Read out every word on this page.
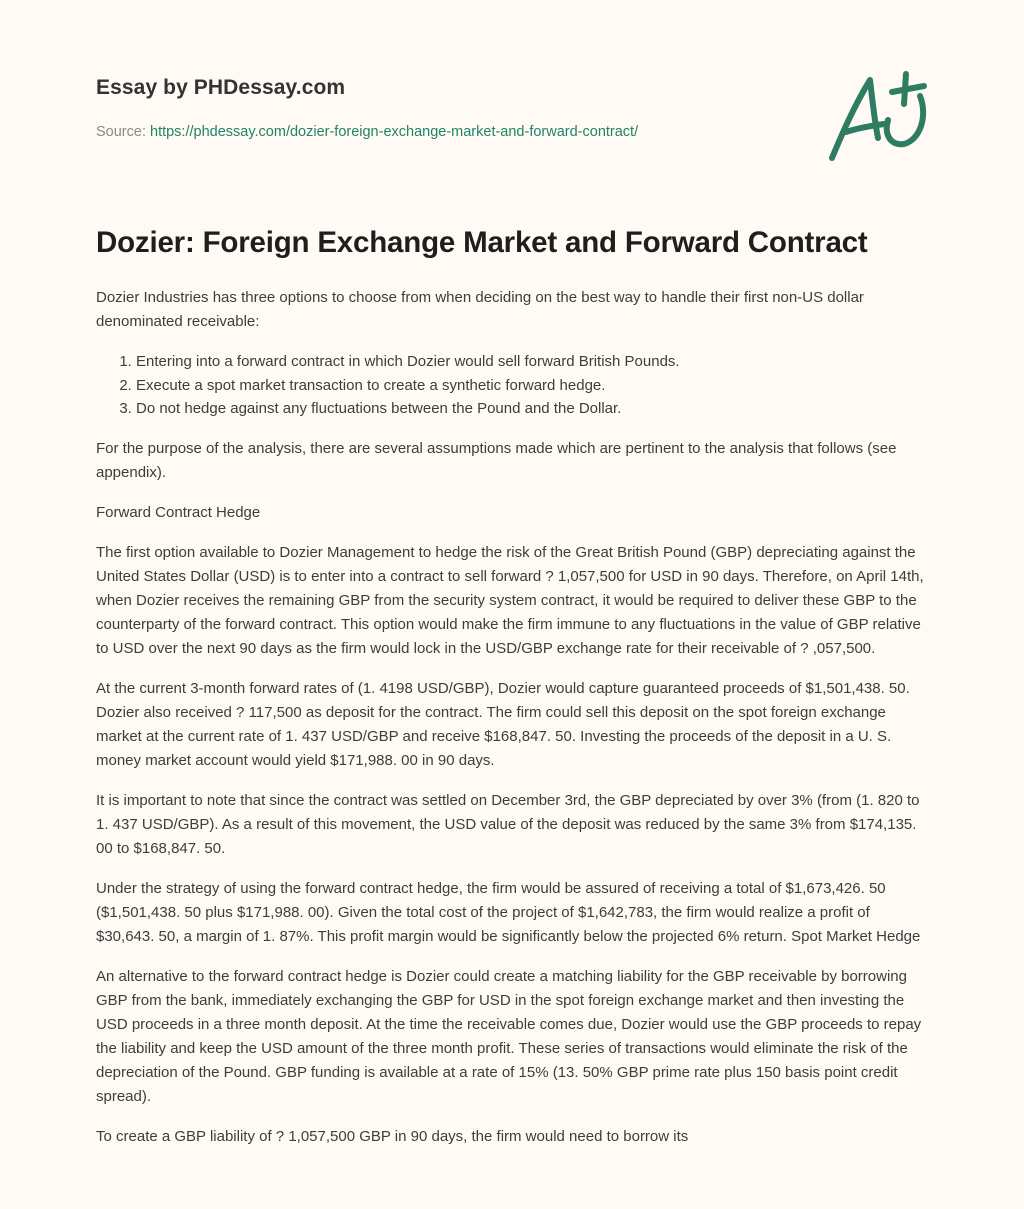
Essay by PHDessay.com
Source: https://phdessay.com/dozier-foreign-exchange-market-and-forward-contract/
Dozier: Foreign Exchange Market and Forward Contract

Dozier Industries has three options to choose from when deciding on the best way to handle their first non-US dollar denominated receivable:

1. Entering into a forward contract in which Dozier would sell forward British Pounds.
2. Execute a spot market transaction to create a synthetic forward hedge.
3. Do not hedge against any fluctuations between the Pound and the Dollar.

For the purpose of the analysis, there are several assumptions made which are pertinent to the analysis that follows (see appendix).

Forward Contract Hedge

The first option available to Dozier Management to hedge the risk of the Great British Pound (GBP) depreciating against the United States Dollar (USD) is to enter into a contract to sell forward ? 1,057,500 for USD in 90 days. Therefore, on April 14th, when Dozier receives the remaining GBP from the security system contract, it would be required to deliver these GBP to the counterparty of the forward contract. This option would make the firm immune to any fluctuations in the value of GBP relative to USD over the next 90 days as the firm would lock in the USD/GBP exchange rate for their receivable of ? ,057,500.

At the current 3-month forward rates of (1. 4198 USD/GBP), Dozier would capture guaranteed proceeds of $1,501,438. 50. Dozier also received ? 117,500 as deposit for the contract. The firm could sell this deposit on the spot foreign exchange market at the current rate of 1. 437 USD/GBP and receive $168,847. 50. Investing the proceeds of the deposit in a U. S. money market account would yield $171,988. 00 in 90 days.

It is important to note that since the contract was settled on December 3rd, the GBP depreciated by over 3% (from (1. 820 to 1. 437 USD/GBP). As a result of this movement, the USD value of the deposit was reduced by the same 3% from $174,135. 00 to $168,847. 50.

Under the strategy of using the forward contract hedge, the firm would be assured of receiving a total of $1,673,426. 50 ($1,501,438. 50 plus $171,988. 00). Given the total cost of the project of $1,642,783, the firm would realize a profit of $30,643. 50, a margin of 1. 87%. This profit margin would be significantly below the projected 6% return. Spot Market Hedge

An alternative to the forward contract hedge is Dozier could create a matching liability for the GBP receivable by borrowing GBP from the bank, immediately exchanging the GBP for USD in the spot foreign exchange market and then investing the USD proceeds in a three month deposit. At the time the receivable comes due, Dozier would use the GBP proceeds to repay the liability and keep the USD amount of the three month profit. These series of transactions would eliminate the risk of the depreciation of the Pound. GBP funding is available at a rate of 15% (13. 50% GBP prime rate plus 150 basis point credit spread).

To create a GBP liability of ? 1,057,500 GBP in 90 days, the firm would need to borrow its
